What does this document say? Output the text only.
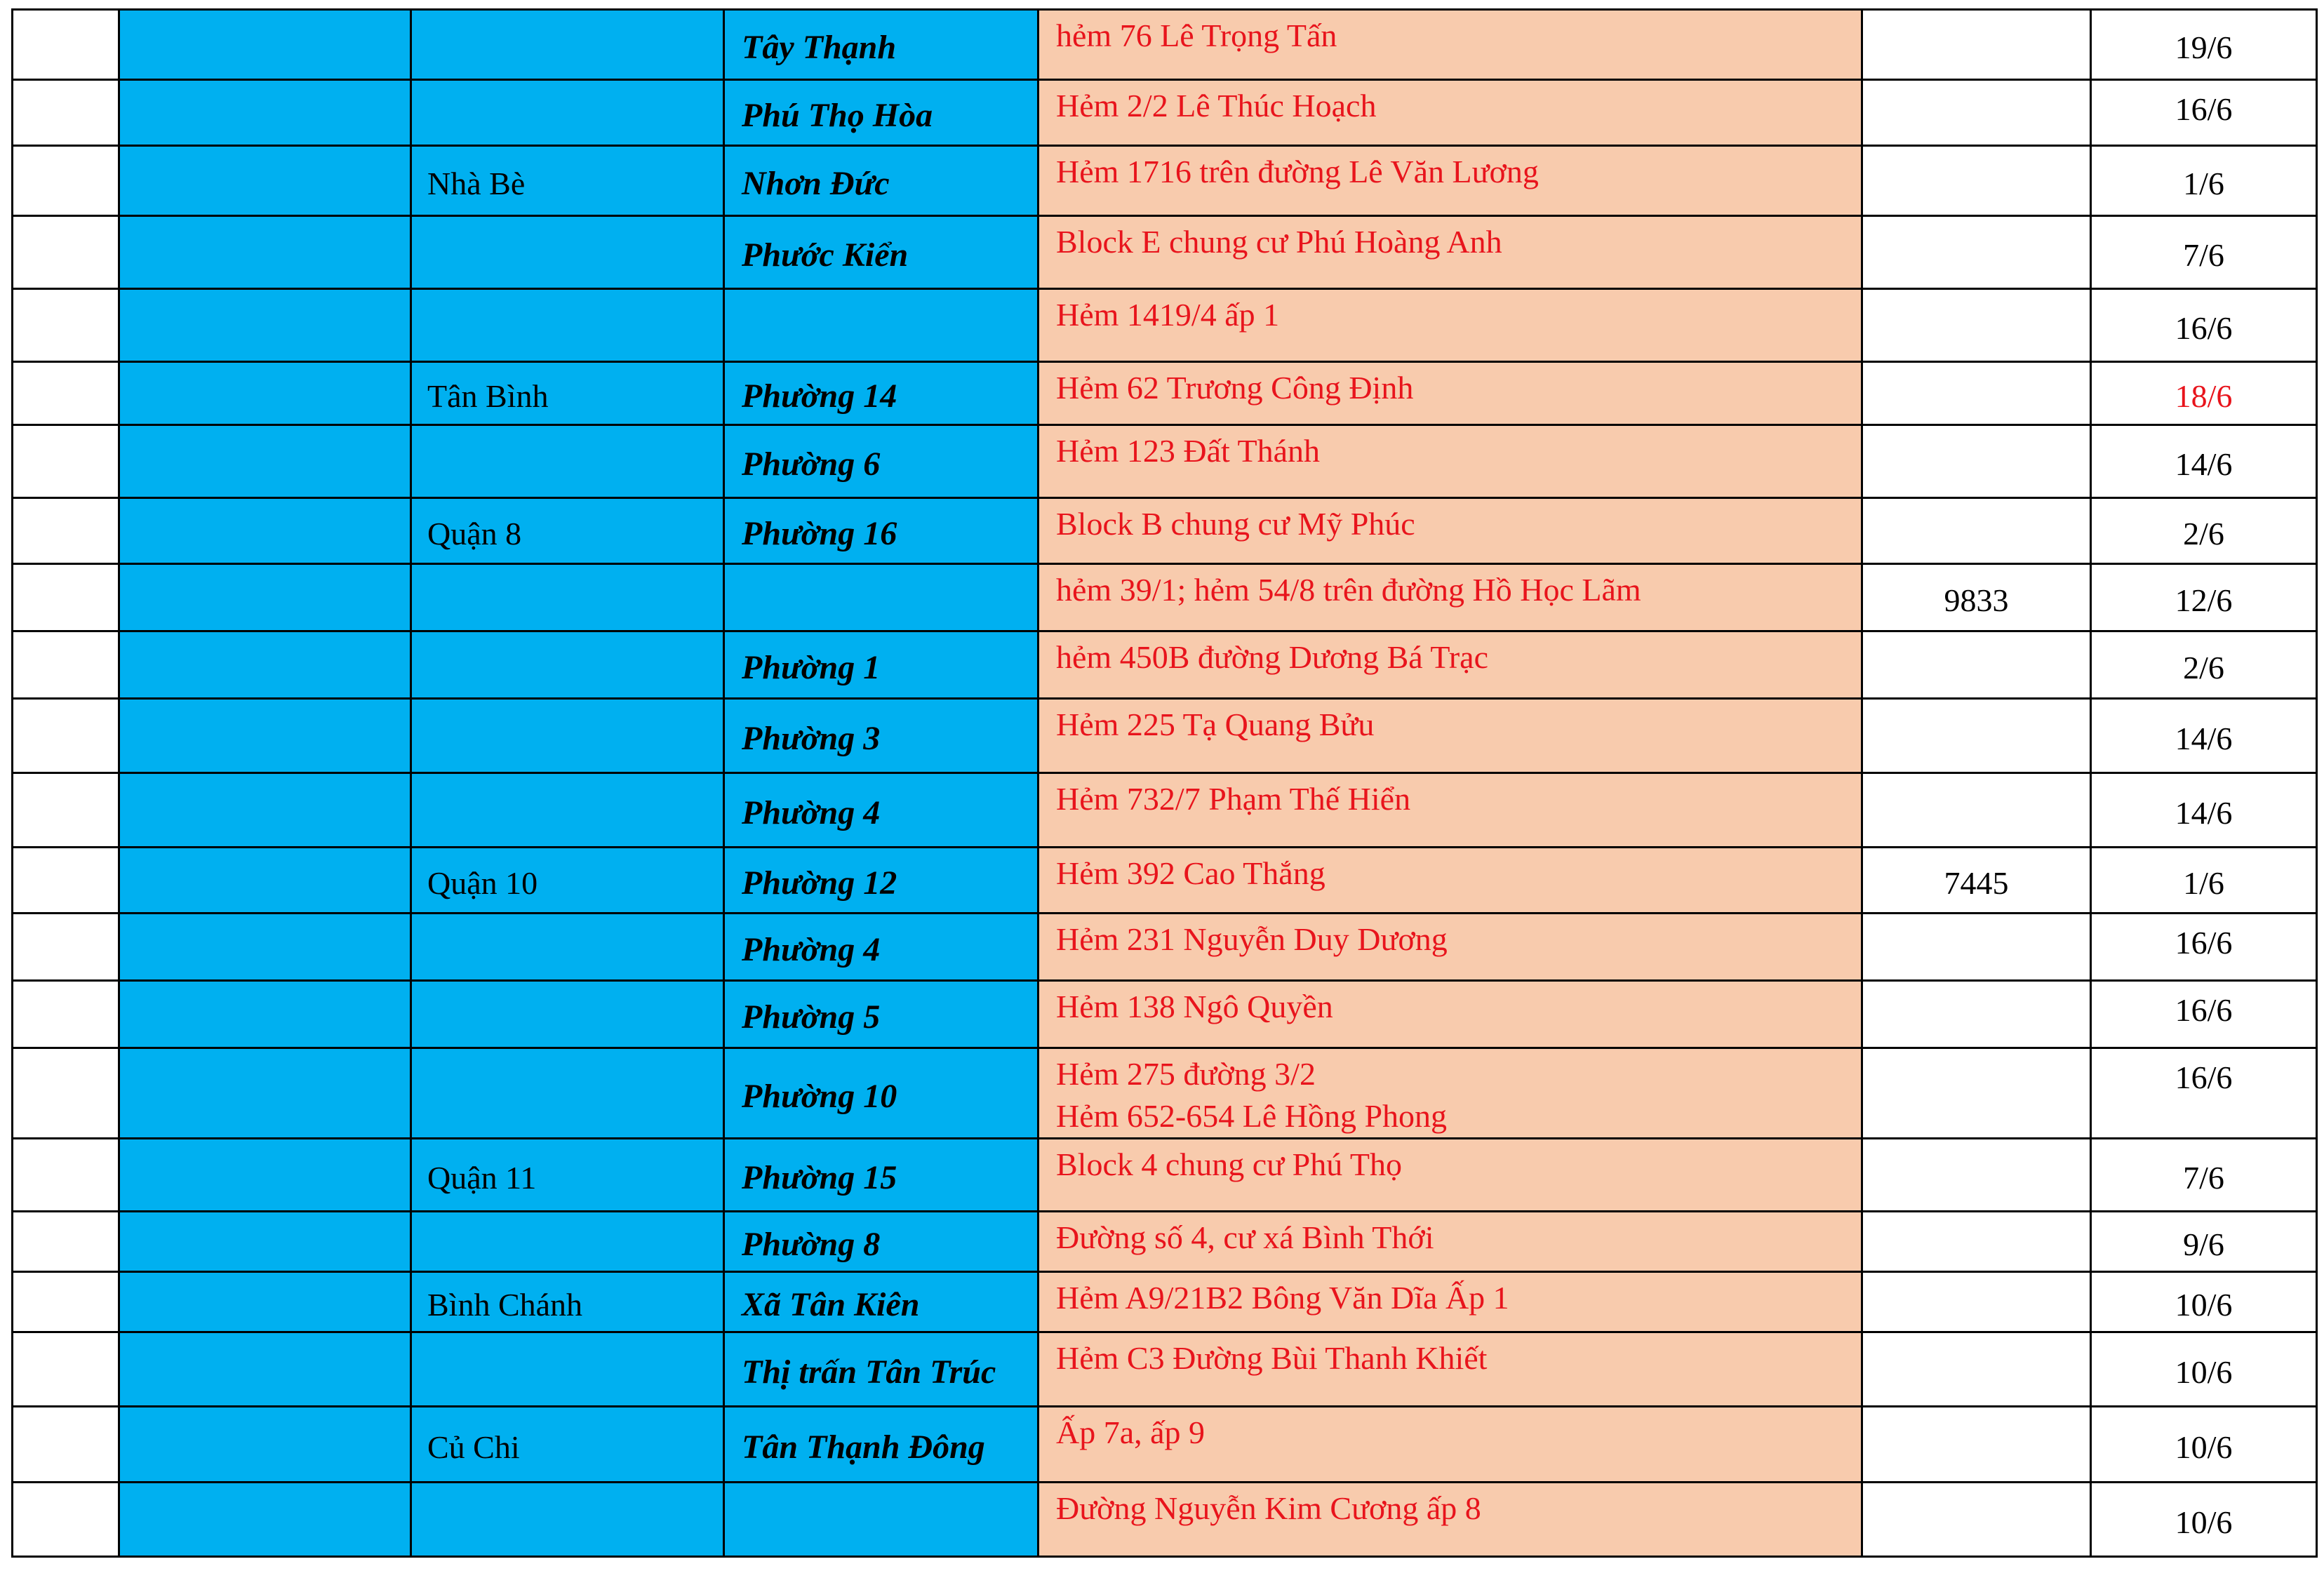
			Tây Thạnh	hẻm 76 Lê Trọng Tấn		19/6
			Phú Thọ Hòa	Hẻm 2/2 Lê Thúc Hoạch		16/6
		Nhà Bè	Nhơn Đức	Hẻm 1716 trên đường Lê Văn Lương		1/6
			Phước Kiển	Block E chung cư Phú Hoàng Anh		7/6

				Hẻm 1419/4 ấp 1		16/6
		Tân Bình	Phường 14	Hẻm 62 Trương Công Định		18/6
			Phường 6	Hẻm 123 Đất Thánh		14/6
		Quận 8	Phường 16	Block B chung cư Mỹ Phúc		2/6

				hẻm 39/1; hẻm 54/8 trên đường Hồ Học Lãm	9833	12/6
			Phường 1	hẻm 450B đường Dương Bá Trạc		2/6
			Phường 3	Hẻm 225 Tạ Quang Bửu		14/6
			Phường 4	Hẻm 732/7 Phạm Thế Hiển		14/6
		Quận 10	Phường 12	Hẻm 392 Cao Thắng	7445	1/6
			Phường 4	Hẻm 231 Nguyễn Duy Dương		16/6
			Phường 5	Hẻm 138 Ngô Quyền		16/6
			Phường 10	Hẻm 275 đường 3/2
Hẻm 652-654 Lê Hồng Phong		16/6
		Quận 11	Phường 15	Block 4 chung cư Phú Thọ		7/6
			Phường 8	Đường số 4, cư xá Bình Thới		9/6
		Bình Chánh	Xã Tân Kiên	Hẻm A9/21B2 Bông Văn Dĩa Ấp 1		10/6
			Thị trấn Tân Trúc	Hẻm C3 Đường Bùi Thanh Khiết		10/6
		Củ Chi	Tân Thạnh Đông	Ấp 7a, ấp 9		10/6

				Đường Nguyễn Kim Cương ấp 8		10/6
